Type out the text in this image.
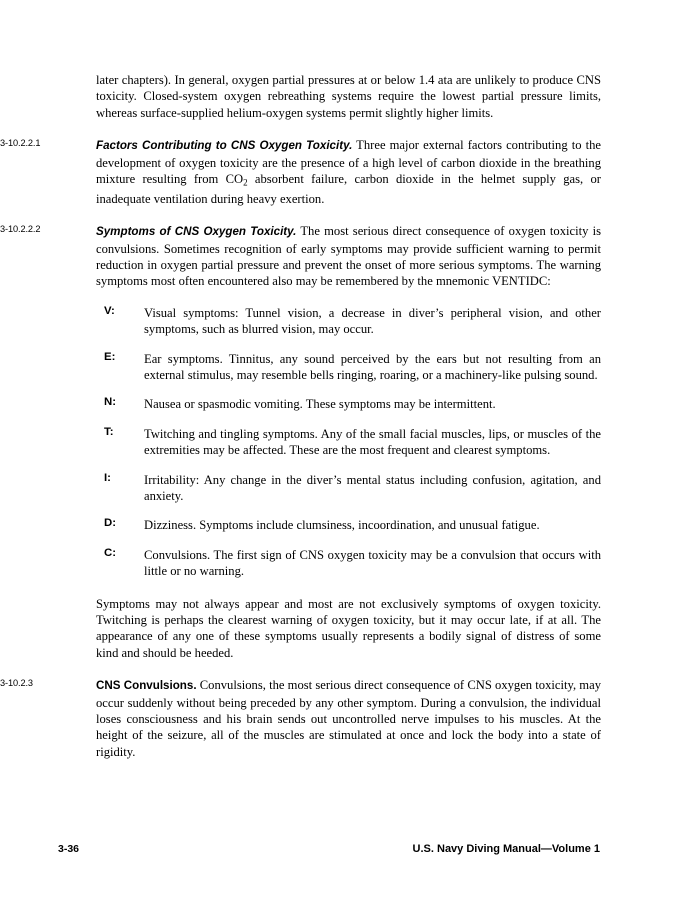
later chapters). In general, oxygen partial pressures at or below 1.4 ata are unlikely to produce CNS toxicity. Closed-system oxygen rebreathing systems require the lowest partial pressure limits, whereas surface-supplied helium-oxygen systems permit slightly higher limits.
3-10.2.2.1	Factors Contributing to CNS Oxygen Toxicity. Three major external factors contributing to the development of oxygen toxicity are the presence of a high level of carbon dioxide in the breathing mixture resulting from $CO_2$ absorbent failure, carbon dioxide in the helmet supply gas, or inadequate ventilation during heavy exertion.
3-10.2.2.2	Symptoms of CNS Oxygen Toxicity. The most serious direct consequence of oxygen toxicity is convulsions. Sometimes recognition of early symptoms may provide sufficient warning to permit reduction in oxygen partial pressure and prevent the onset of more serious symptoms. The warning symptoms most often encountered also may be remembered by the mnemonic VENTIDC:
V:	Visual symptoms: Tunnel vision, a decrease in diver’s peripheral vision, and other symptoms, such as blurred vision, may occur.
E:	Ear symptoms. Tinnitus, any sound perceived by the ears but not resulting from an external stimulus, may resemble bells ringing, roaring, or a machinery-like pulsing sound.
N:	Nausea or spasmodic vomiting. These symptoms may be intermittent.
T:	Twitching and tingling symptoms. Any of the small facial muscles, lips, or muscles of the extremities may be affected. These are the most frequent and clearest symptoms.
I:	Irritability: Any change in the diver’s mental status including confusion, agitation, and anxiety.
D:	Dizziness. Symptoms include clumsiness, incoordination, and unusual fatigue.
C:	Convulsions. The first sign of CNS oxygen toxicity may be a convulsion that occurs with little or no warning.
Symptoms may not always appear and most are not exclusively symptoms of oxygen toxicity. Twitching is perhaps the clearest warning of oxygen toxicity, but it may occur late, if at all. The appearance of any one of these symptoms usually represents a bodily signal of distress of some kind and should be heeded.
3-10.2.3	CNS Convulsions. Convulsions, the most serious direct consequence of CNS oxygen toxicity, may occur suddenly without being preceded by any other symptom. During a convulsion, the individual loses consciousness and his brain sends out uncontrolled nerve impulses to his muscles. At the height of the seizure, all of the muscles are stimulated at once and lock the body into a state of rigidity.
3-36	U.S. Navy Diving Manual—Volume 1
